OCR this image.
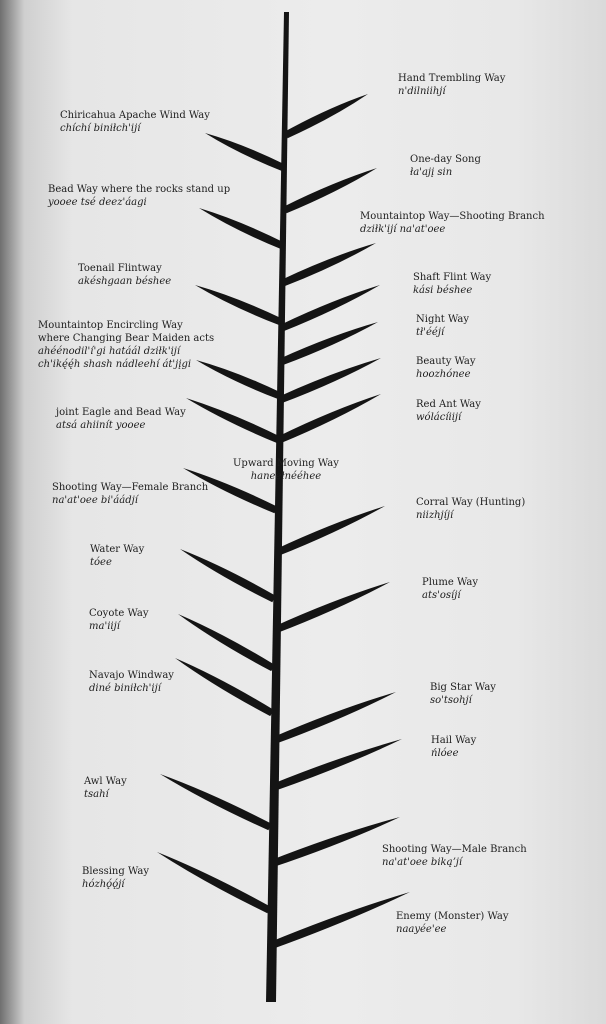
Hand Trembling Way
n'dilniihjí
One-day Song
ła'ajį sin
Mountaintop Way—Shooting Branch
dziłk'ijí na'at'oee
Shaft Flint Way
kási béshee
Night Way
tł'ééjí
Beauty Way
hoozhónee
Red Ant Way
wólácíiijí
Corral Way (Hunting)
niizhjíjí
Plume Way
ats'osíjí
Big Star Way
so'tsohjí
Hail Way
ńlóee
Shooting Way—Male Branch
na'at'oee bikąʼjí
Enemy (Monster) Way
naayée'ee
Chiricahua Apache Wind Way
chíchí biniłch'ijí
Bead Way where the rocks stand up
yooee tsé deez'áagi
Toenail Flintway
akéshgaan béshee
Mountaintop Encircling Way
where Changing Bear Maiden acts
ahéénodil'í'gi hatáál dziłk'ijí
ch'ikę́ę́h shash nádleehí át'jįgi
joint Eagle and Bead Way
atsá ahiinít yooee
Upward Moving Way
haneełnééhee
Shooting Way—Female Branch
na'at'oee bi'áádjí
Water Way
tóee
Coyote Way
ma'iijí
Navajo Windway
diné biniłch'ijí
Awl Way
tsahí
Blessing Way
hózhǫ́ǫ́jí
